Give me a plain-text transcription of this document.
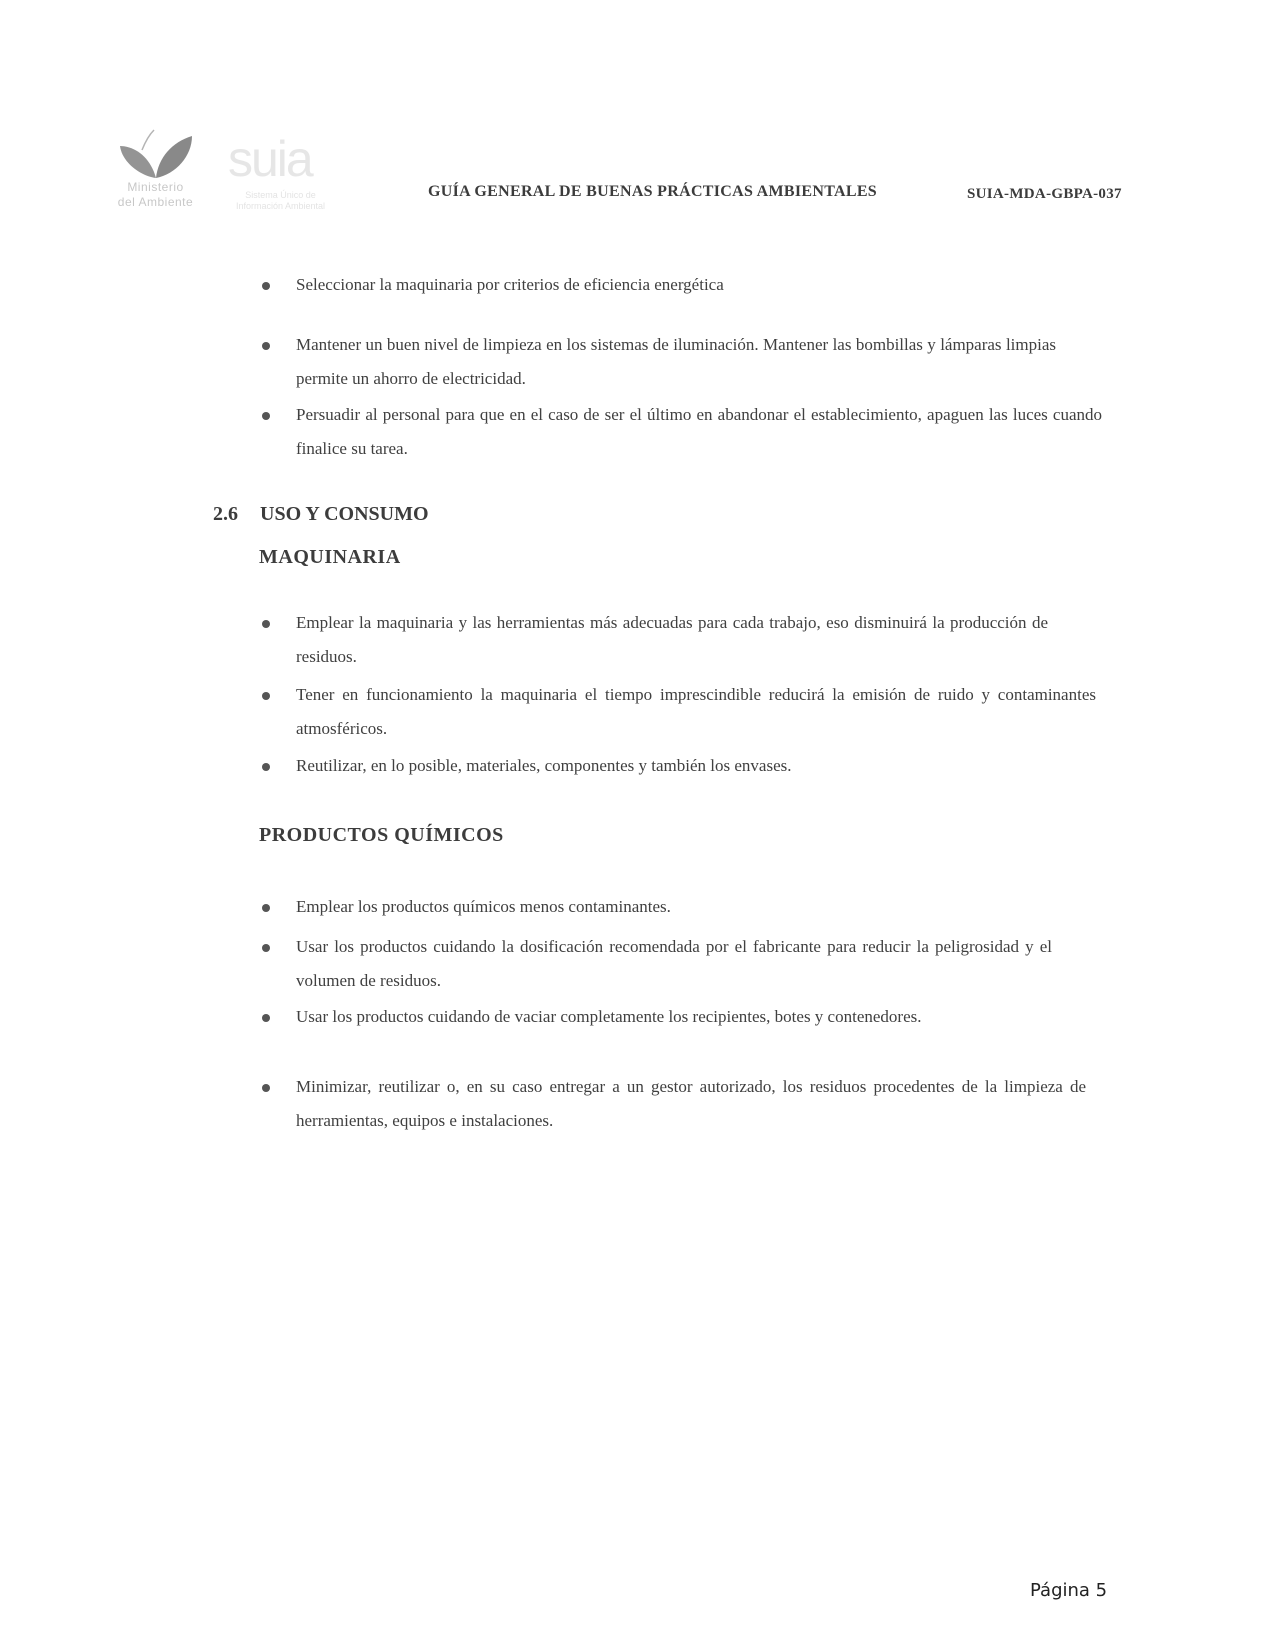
Ministerio
del Ambiente
suia
Sistema Único de
Información Ambiental
GUÍA GENERAL DE BUENAS PRÁCTICAS AMBIENTALES	SUIA-MDA-GBPA-037
Seleccionar la maquinaria por criterios de eficiencia energética
Mantener un buen nivel de limpieza en los sistemas de iluminación. Mantener las bombillas y lámparas limpias permite un ahorro de electricidad.
Persuadir al personal para que en el caso de ser el último en abandonar el establecimiento, apaguen las luces cuando finalice su tarea.
2.6 USO Y CONSUMO
MAQUINARIA
Emplear la maquinaria y las herramientas más adecuadas para cada trabajo, eso disminuirá la producción de residuos.
Tener en funcionamiento la maquinaria el tiempo imprescindible reducirá la emisión de ruido y contaminantes atmosféricos.
Reutilizar, en lo posible, materiales, componentes y también los envases.
PRODUCTOS QUÍMICOS
Emplear los productos químicos menos contaminantes.
Usar los productos cuidando la dosificación recomendada por el fabricante para reducir la peligrosidad y el volumen de residuos.
Usar los productos cuidando de vaciar completamente los recipientes, botes y contenedores.
Minimizar, reutilizar o, en su caso entregar a un gestor autorizado, los residuos procedentes de la limpieza de herramientas, equipos e instalaciones.
Página 5
